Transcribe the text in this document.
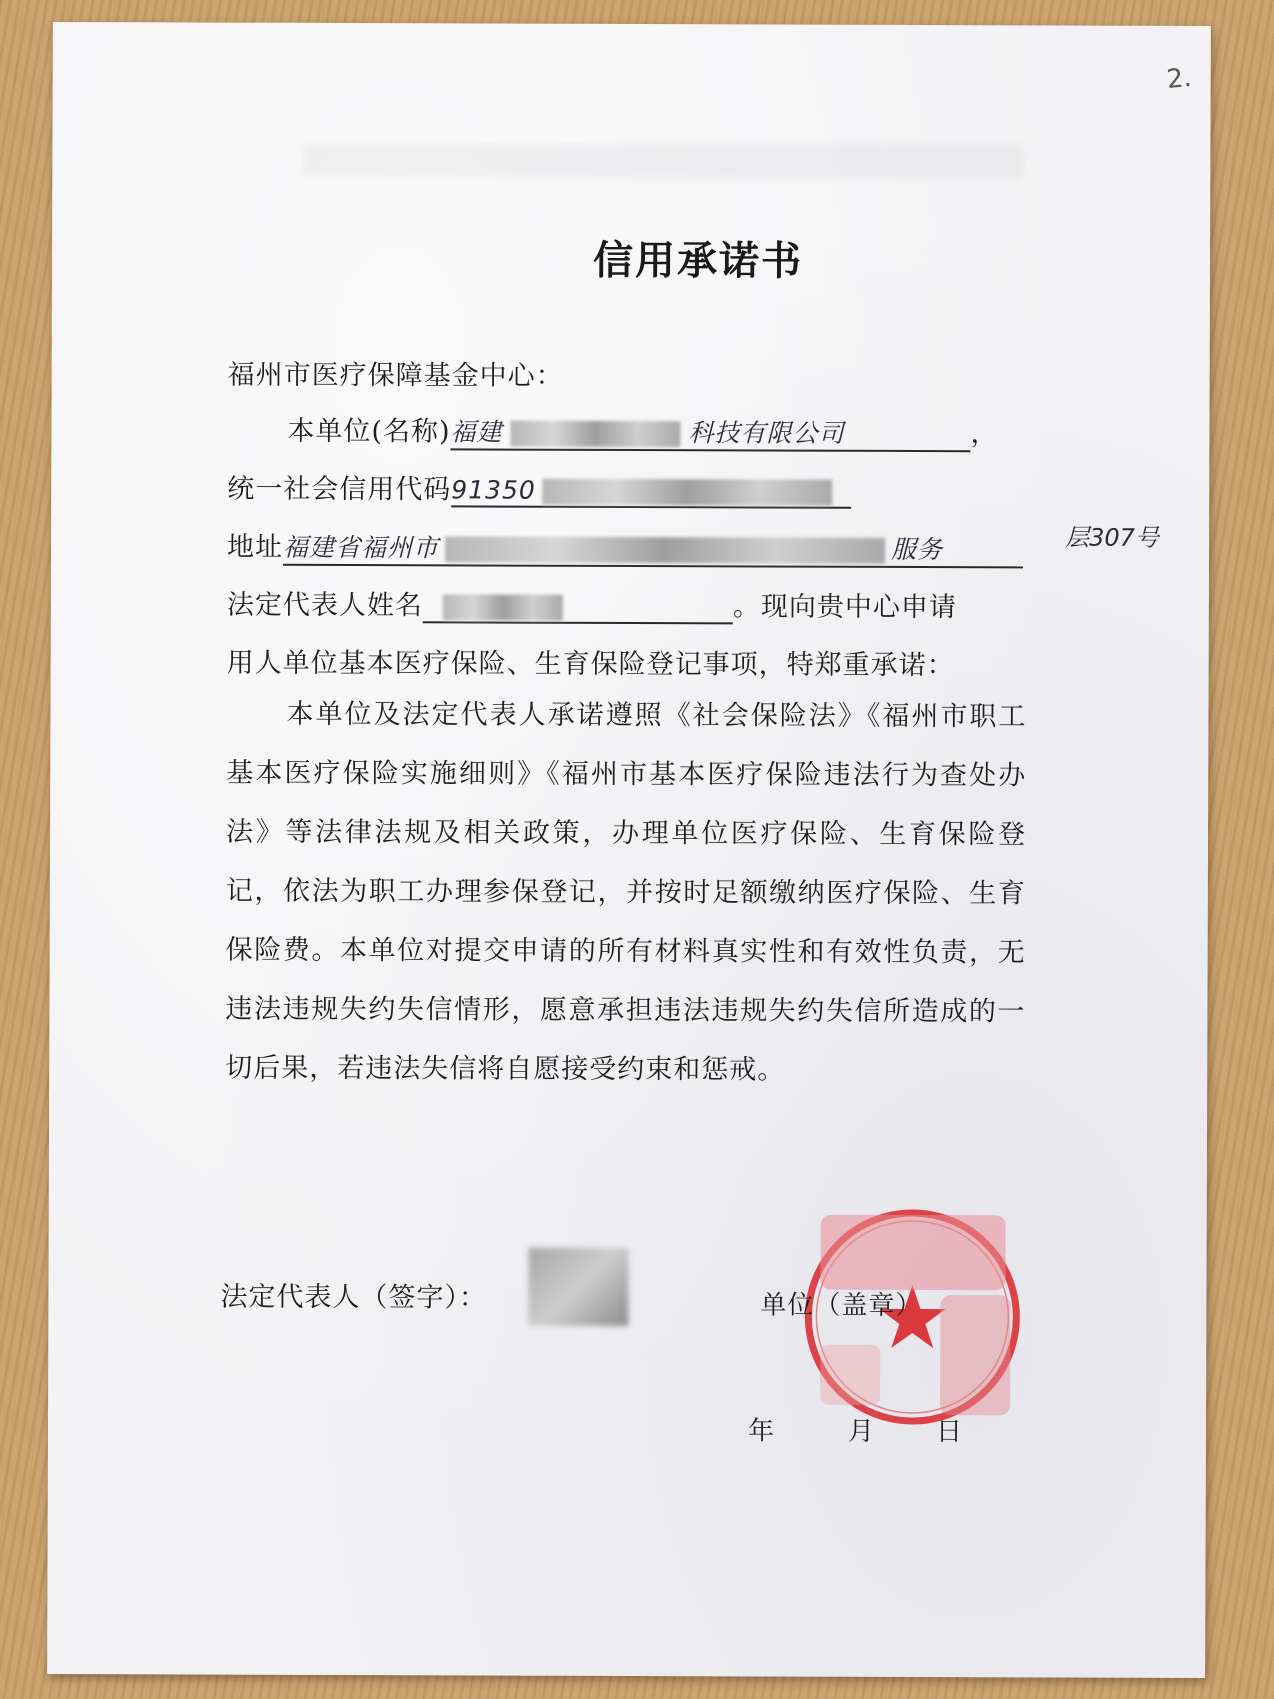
2.
信用承诺书
福州市医疗保障基金中心：
本单位(名称)福建	科技有限公司	，
统一社会信用代码91350
地址福建省福州市	服务	层307号
法定代表人姓名	。现向贵中心申请
用人单位基本医疗保险、生育保险登记事项，特郑重承诺：
本单位及法定代表人承诺遵照《社会保险法》《福州市职工基本医疗保险实施细则》《福州市基本医疗保险违法行为查处办法》等法律法规及相关政策，办理单位医疗保险、生育保险登记，依法为职工办理参保登记，并按时足额缴纳医疗保险、生育保险费。本单位对提交申请的所有材料真实性和有效性负责，无违法违规失约失信情形，愿意承担违法违规失约失信所造成的一切后果，若违法失信将自愿接受约束和惩戒。
法定代表人（签字）：	单位（盖章）
年	月 日
